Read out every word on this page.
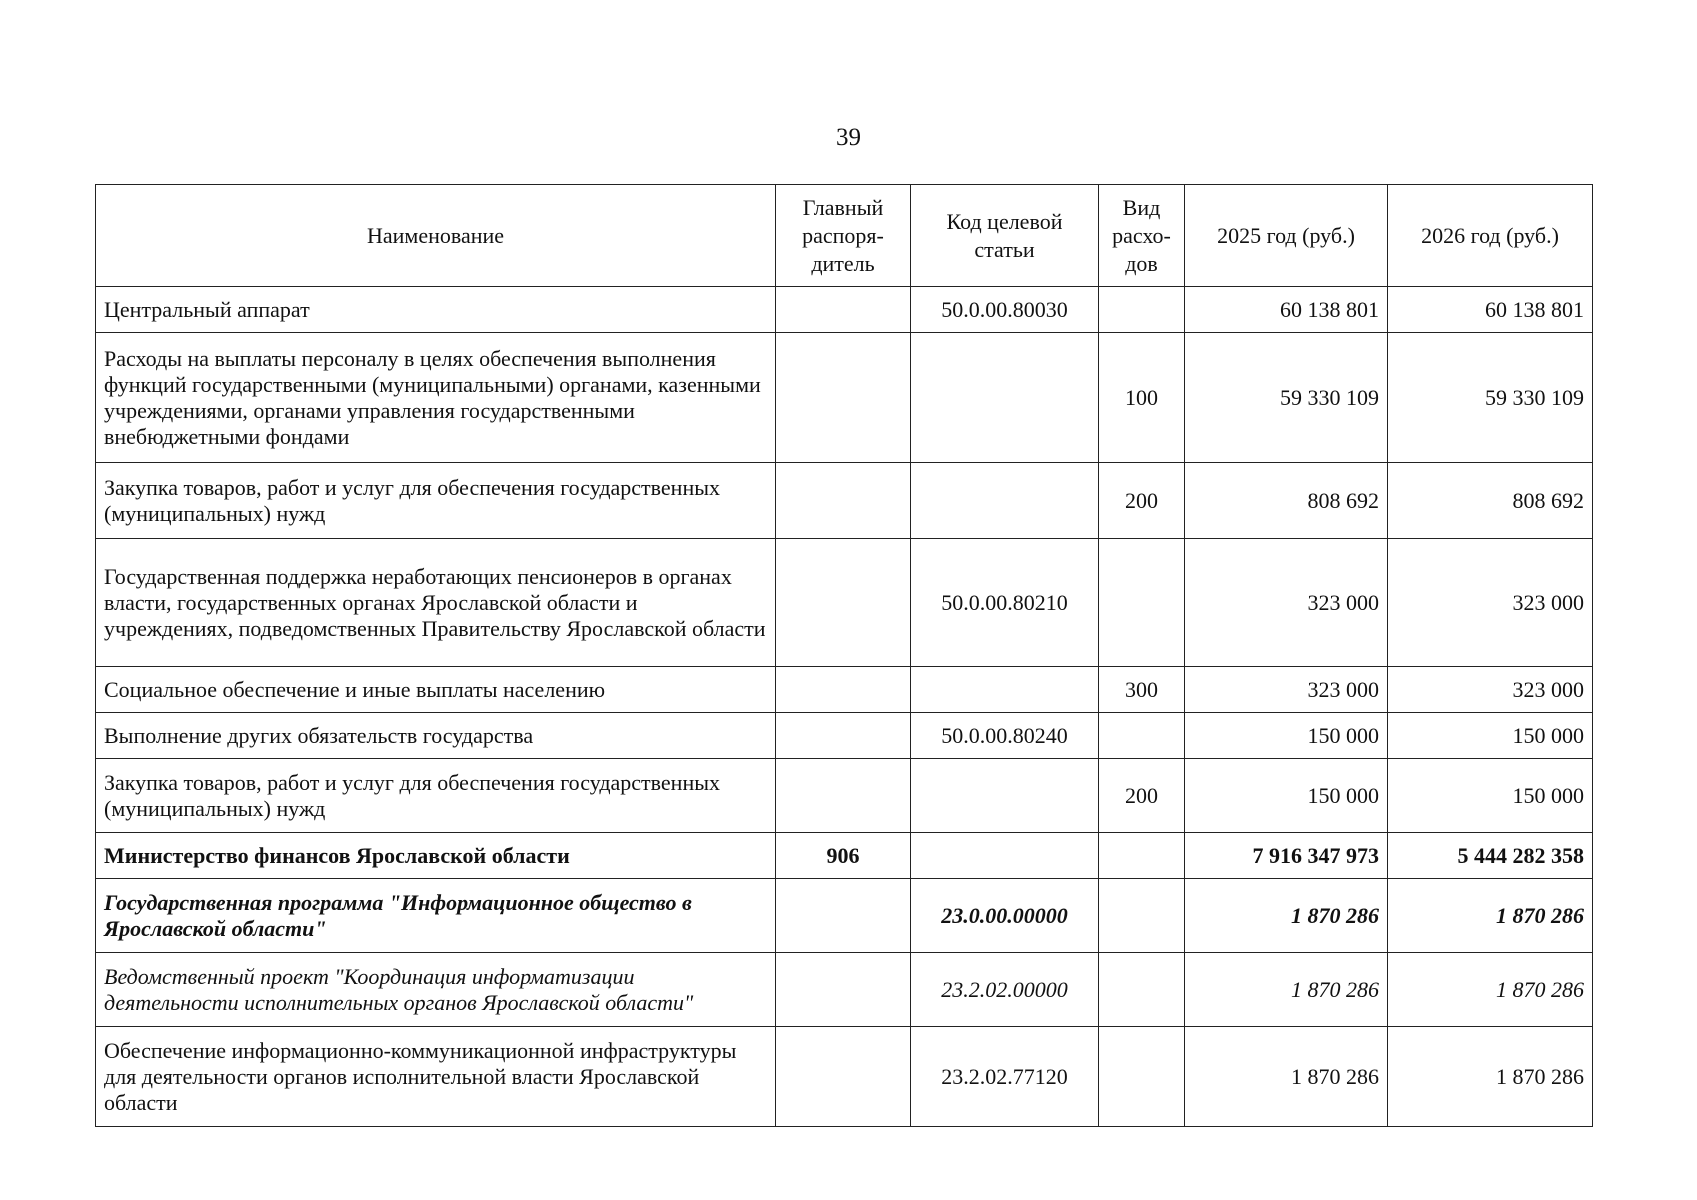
39
Наименование	Главный распоря- дитель	Код целевой статьи	Вид расхо- дов	2025 год (руб.)	2026 год (руб.)
Центральный аппарат		50.0.00.80030		60 138 801	60 138 801
Расходы на выплаты персоналу в целях обеспечения выполнения функций государственными (муниципальными) органами, казенными учреждениями, органами управления государственными внебюджетными фондами			100	59 330 109	59 330 109
Закупка товаров, работ и услуг для обеспечения государственных (муниципальных) нужд			200	808 692	808 692
Государственная поддержка неработающих пенсионеров в органах власти, государственных органах Ярославской области и учреждениях, подведомственных Правительству Ярославской области		50.0.00.80210		323 000	323 000
Социальное обеспечение и иные выплаты населению			300	323 000	323 000
Выполнение других обязательств государства		50.0.00.80240		150 000	150 000
Закупка товаров, работ и услуг для обеспечения государственных (муниципальных) нужд			200	150 000	150 000
Министерство финансов Ярославской области	906			7 916 347 973	5 444 282 358
Государственная программа "Информационное общество в Ярославской области"		23.0.00.00000		1 870 286	1 870 286
Ведомственный проект "Координация информатизации деятельности исполнительных органов Ярославской области"		23.2.02.00000		1 870 286	1 870 286
Обеспечение информационно-коммуникационной инфраструктуры для деятельности органов исполнительной власти Ярославской области		23.2.02.77120		1 870 286	1 870 286
